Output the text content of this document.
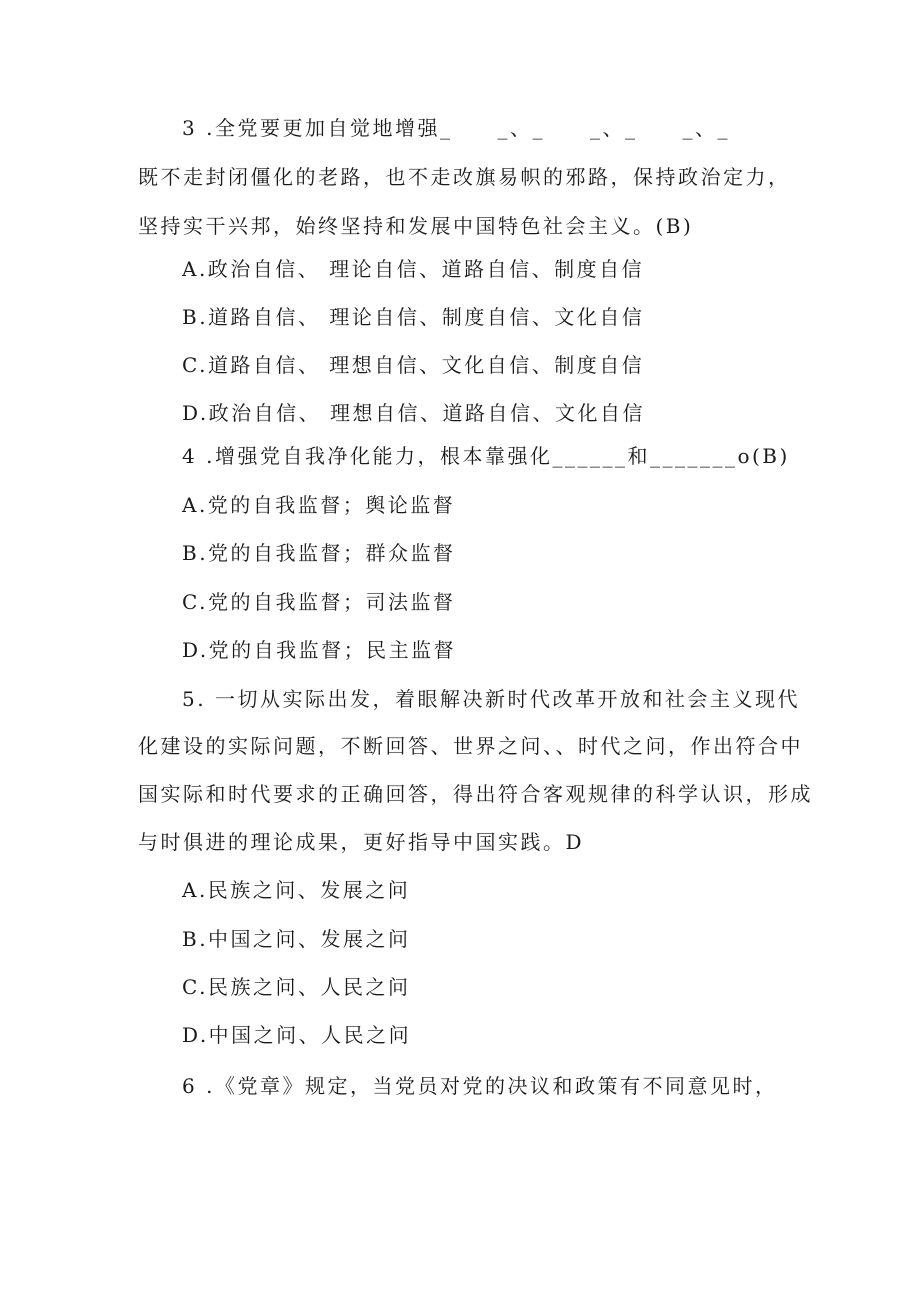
3 .全党要更加自觉地增强_　　_、_　　_、_　　_、_
既不走封闭僵化的老路，也不走改旗易帜的邪路，保持政治定力，
坚持实干兴邦，始终坚持和发展中国特色社会主义。(B)
A.政治自信、 理论自信、道路自信、制度自信
B.道路自信、 理论自信、制度自信、文化自信
C.道路自信、 理想自信、文化自信、制度自信
D.政治自信、 理想自信、道路自信、文化自信
4 .增强党自我净化能力，根本靠强化______和_______o(B)
A.党的自我监督；舆论监督
B.党的自我监督；群众监督
C.党的自我监督；司法监督
D.党的自我监督；民主监督
5. 一切从实际出发，着眼解决新时代改革开放和社会主义现代
化建设的实际问题，不断回答、世界之问、、时代之问，作出符合中
国实际和时代要求的正确回答，得出符合客观规律的科学认识，形成
与时俱进的理论成果，更好指导中国实践。D
A.民族之问、发展之问
B.中国之问、发展之问
C.民族之问、人民之问
D.中国之问、人民之问
6 .《党章》规定，当党员对党的决议和政策有不同意见时，
